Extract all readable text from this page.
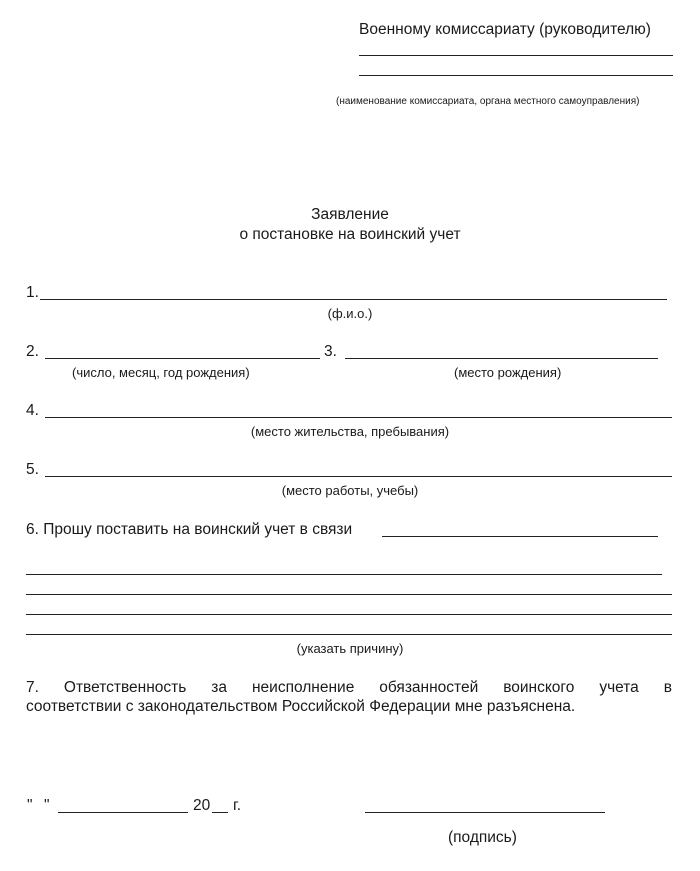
Военному комиссариату (руководителю)
(наименование комиссариата, органа местного самоуправления)
Заявление
о постановке на воинский учет
1.
(ф.и.о.)
2.
(число, месяц, год рождения)
3.
(место рождения)
4.
(место жительства, пребывания)
5.
(место работы, учебы)
6. Прошу поставить на воинский учет в связи
(указать причину)
7. Ответственность за неисполнение обязанностей воинского учета в
соответствии с законодательством Российской Федерации мне разъяснена.
" "	20 г.
(подпись)
